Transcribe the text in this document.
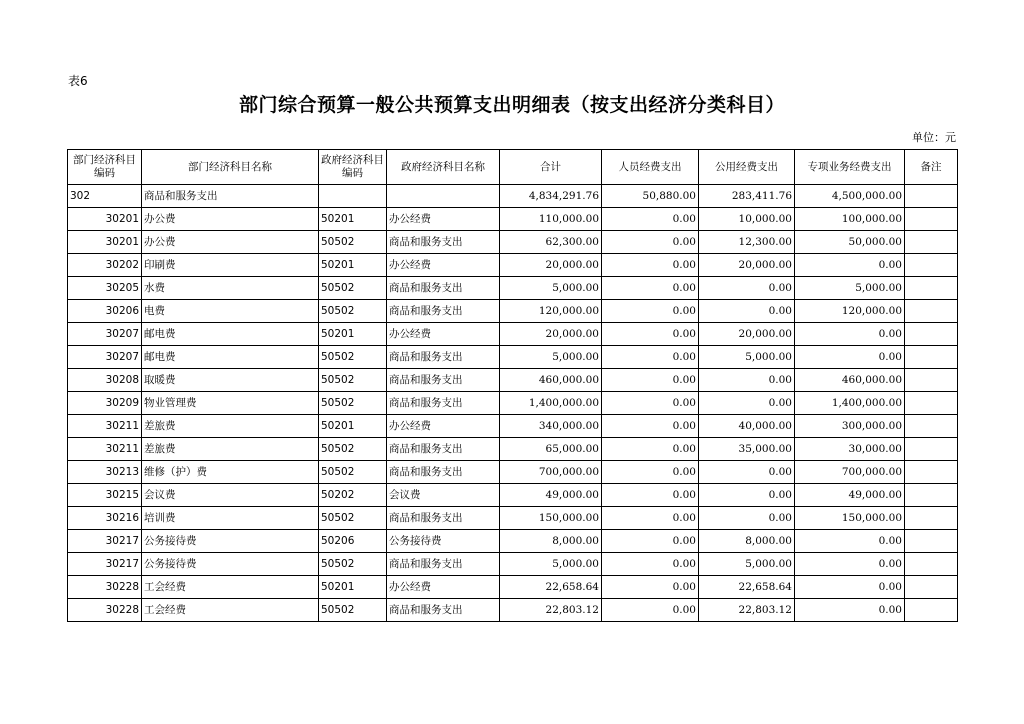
表6
部门综合预算一般公共预算支出明细表（按支出经济分类科目）
单位：元
部门经济科目编码	部门经济科目名称	政府经济科目编码	政府经济科目名称	合计	人员经费支出	公用经费支出	专项业务经费支出	备注
302	商品和服务支出			4,834,291.76	50,880.00	283,411.76	4,500,000.00	
30201	办公费	50201	办公经费	110,000.00	0.00	10,000.00	100,000.00	
30201	办公费	50502	商品和服务支出	62,300.00	0.00	12,300.00	50,000.00	
30202	印刷费	50201	办公经费	20,000.00	0.00	20,000.00	0.00	
30205	水费	50502	商品和服务支出	5,000.00	0.00	0.00	5,000.00	
30206	电费	50502	商品和服务支出	120,000.00	0.00	0.00	120,000.00	
30207	邮电费	50201	办公经费	20,000.00	0.00	20,000.00	0.00	
30207	邮电费	50502	商品和服务支出	5,000.00	0.00	5,000.00	0.00	
30208	取暖费	50502	商品和服务支出	460,000.00	0.00	0.00	460,000.00	
30209	物业管理费	50502	商品和服务支出	1,400,000.00	0.00	0.00	1,400,000.00	
30211	差旅费	50201	办公经费	340,000.00	0.00	40,000.00	300,000.00	
30211	差旅费	50502	商品和服务支出	65,000.00	0.00	35,000.00	30,000.00	
30213	维修（护）费	50502	商品和服务支出	700,000.00	0.00	0.00	700,000.00	
30215	会议费	50202	会议费	49,000.00	0.00	0.00	49,000.00	
30216	培训费	50502	商品和服务支出	150,000.00	0.00	0.00	150,000.00	
30217	公务接待费	50206	公务接待费	8,000.00	0.00	8,000.00	0.00	
30217	公务接待费	50502	商品和服务支出	5,000.00	0.00	5,000.00	0.00	
30228	工会经费	50201	办公经费	22,658.64	0.00	22,658.64	0.00	
30228	工会经费	50502	商品和服务支出	22,803.12	0.00	22,803.12	0.00	
